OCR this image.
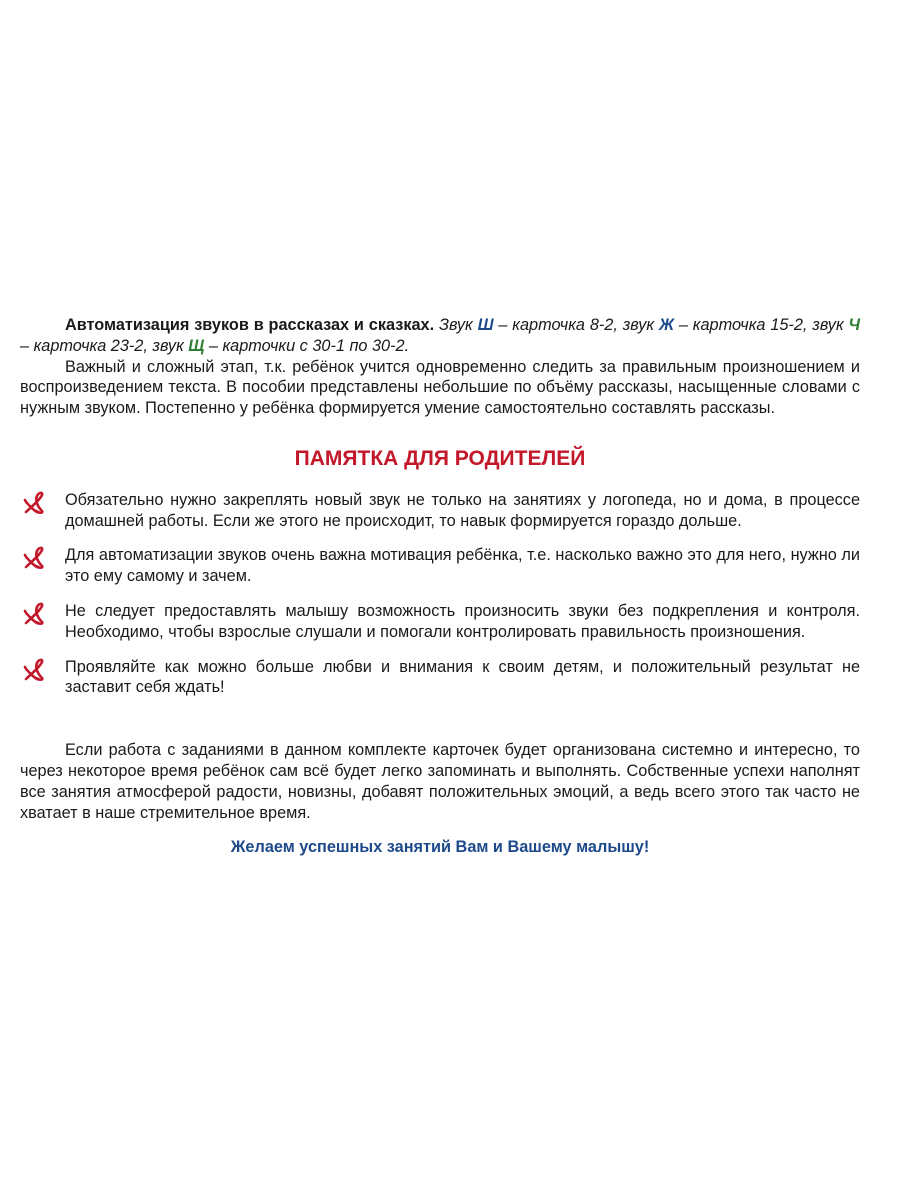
Автоматизация звуков в рассказах и сказках. Звук Ш – карточка 8-2, звук Ж – карточка 15-2, звук Ч – карточка 23-2, звук Щ – карточки с 30-1 по 30-2.

Важный и сложный этап, т.к. ребёнок учится одновременно следить за правильным произношением и воспроизведением текста. В пособии представлены небольшие по объёму рассказы, насыщенные словами с нужным звуком. Постепенно у ребёнка формируется умение самостоятельно составлять рассказы.

ПАМЯТКА ДЛЯ РОДИТЕЛЕЙ
Обязательно нужно закреплять новый звук не только на занятиях у логопеда, но и дома, в процессе домашней работы. Если же этого не происходит, то навык формируется гораздо дольше.
Для автоматизации звуков очень важна мотивация ребёнка, т.е. насколько важно это для него, нужно ли это ему самому и зачем.
Не следует предоставлять малышу возможность произносить звуки без подкрепления и контроля. Необходимо, чтобы взрослые слушали и помогали контролировать правильность произношения.
Проявляйте как можно больше любви и внимания к своим детям, и положительный результат не заставит себя ждать!

Если работа с заданиями в данном комплекте карточек будет организована системно и интересно, то через некоторое время ребёнок сам всё будет легко запоминать и выполнять. Собственные успехи наполнят все занятия атмосферой радости, новизны, добавят положительных эмоций, а ведь всего этого так часто не хватает в наше стремительное время.

Желаем успешных занятий Вам и Вашему малышу!
